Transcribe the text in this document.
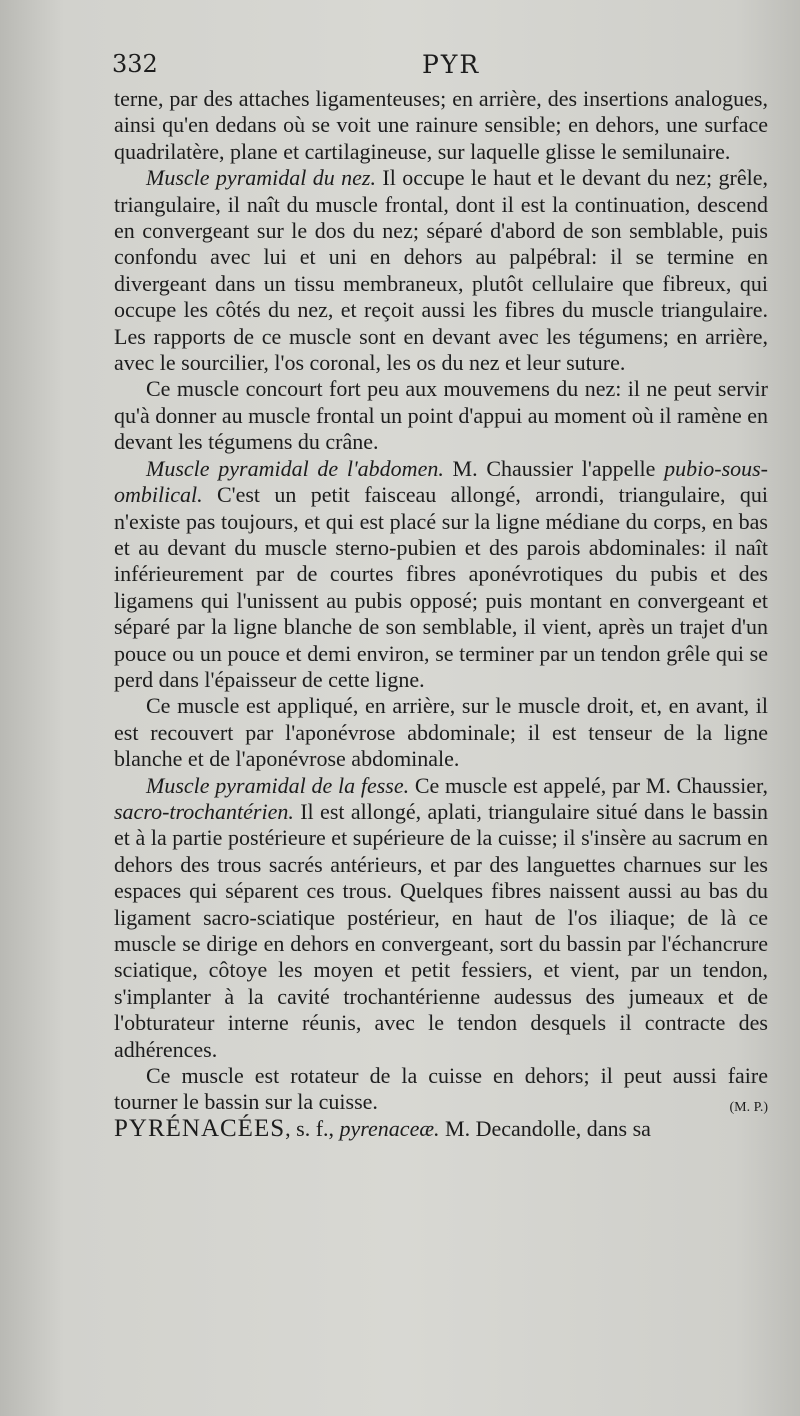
332	PYR

terne, par des attaches ligamenteuses; en arrière, des insertions analogues, ainsi qu'en dedans où se voit une rainure sensible; en dehors, une surface quadrilatère, plane et cartilagineuse, sur laquelle glisse le semilunaire.

Muscle pyramidal du nez. Il occupe le haut et le devant du nez; grêle, triangulaire, il naît du muscle frontal, dont il est la continuation, descend en convergeant sur le dos du nez; séparé d'abord de son semblable, puis confondu avec lui et uni en dehors au palpébral: il se termine en divergeant dans un tissu membraneux, plutôt cellulaire que fibreux, qui occupe les côtés du nez, et reçoit aussi les fibres du muscle triangulaire. Les rapports de ce muscle sont en devant avec les tégumens; en arrière, avec le sourcilier, l'os coronal, les os du nez et leur suture.

Ce muscle concourt fort peu aux mouvemens du nez: il ne peut servir qu'à donner au muscle frontal un point d'appui au moment où il ramène en devant les tégumens du crâne.

Muscle pyramidal de l'abdomen. M. Chaussier l'appelle pubio-sous-ombilical. C'est un petit faisceau allongé, arrondi, triangulaire, qui n'existe pas toujours, et qui est placé sur la ligne médiane du corps, en bas et au devant du muscle sterno-pubien et des parois abdominales: il naît inférieurement par de courtes fibres aponévrotiques du pubis et des ligamens qui l'unissent au pubis opposé; puis montant en convergeant et séparé par la ligne blanche de son semblable, il vient, après un trajet d'un pouce ou un pouce et demi environ, se terminer par un tendon grêle qui se perd dans l'épaisseur de cette ligne.

Ce muscle est appliqué, en arrière, sur le muscle droit, et, en avant, il est recouvert par l'aponévrose abdominale; il est tenseur de la ligne blanche et de l'aponévrose abdominale.

Muscle pyramidal de la fesse. Ce muscle est appelé, par M. Chaussier, sacro-trochantérien. Il est allongé, aplati, triangulaire situé dans le bassin et à la partie postérieure et supérieure de la cuisse; il s'insère au sacrum en dehors des trous sacrés antérieurs, et par des languettes charnues sur les espaces qui séparent ces trous. Quelques fibres naissent aussi au bas du ligament sacro-sciatique postérieur, en haut de l'os iliaque; de là ce muscle se dirige en dehors en convergeant, sort du bassin par l'échancrure sciatique, côtoye les moyen et petit fessiers, et vient, par un tendon, s'implanter à la cavité trochantérienne audessus des jumeaux et de l'obturateur interne réunis, avec le tendon desquels il contracte des adhérences.

Ce muscle est rotateur de la cuisse en dehors; il peut aussi faire tourner le bassin sur la cuisse.	(M. P.)

PYRÉNACÉES, s. f., pyrenaceæ. M. Decandolle, dans sa
